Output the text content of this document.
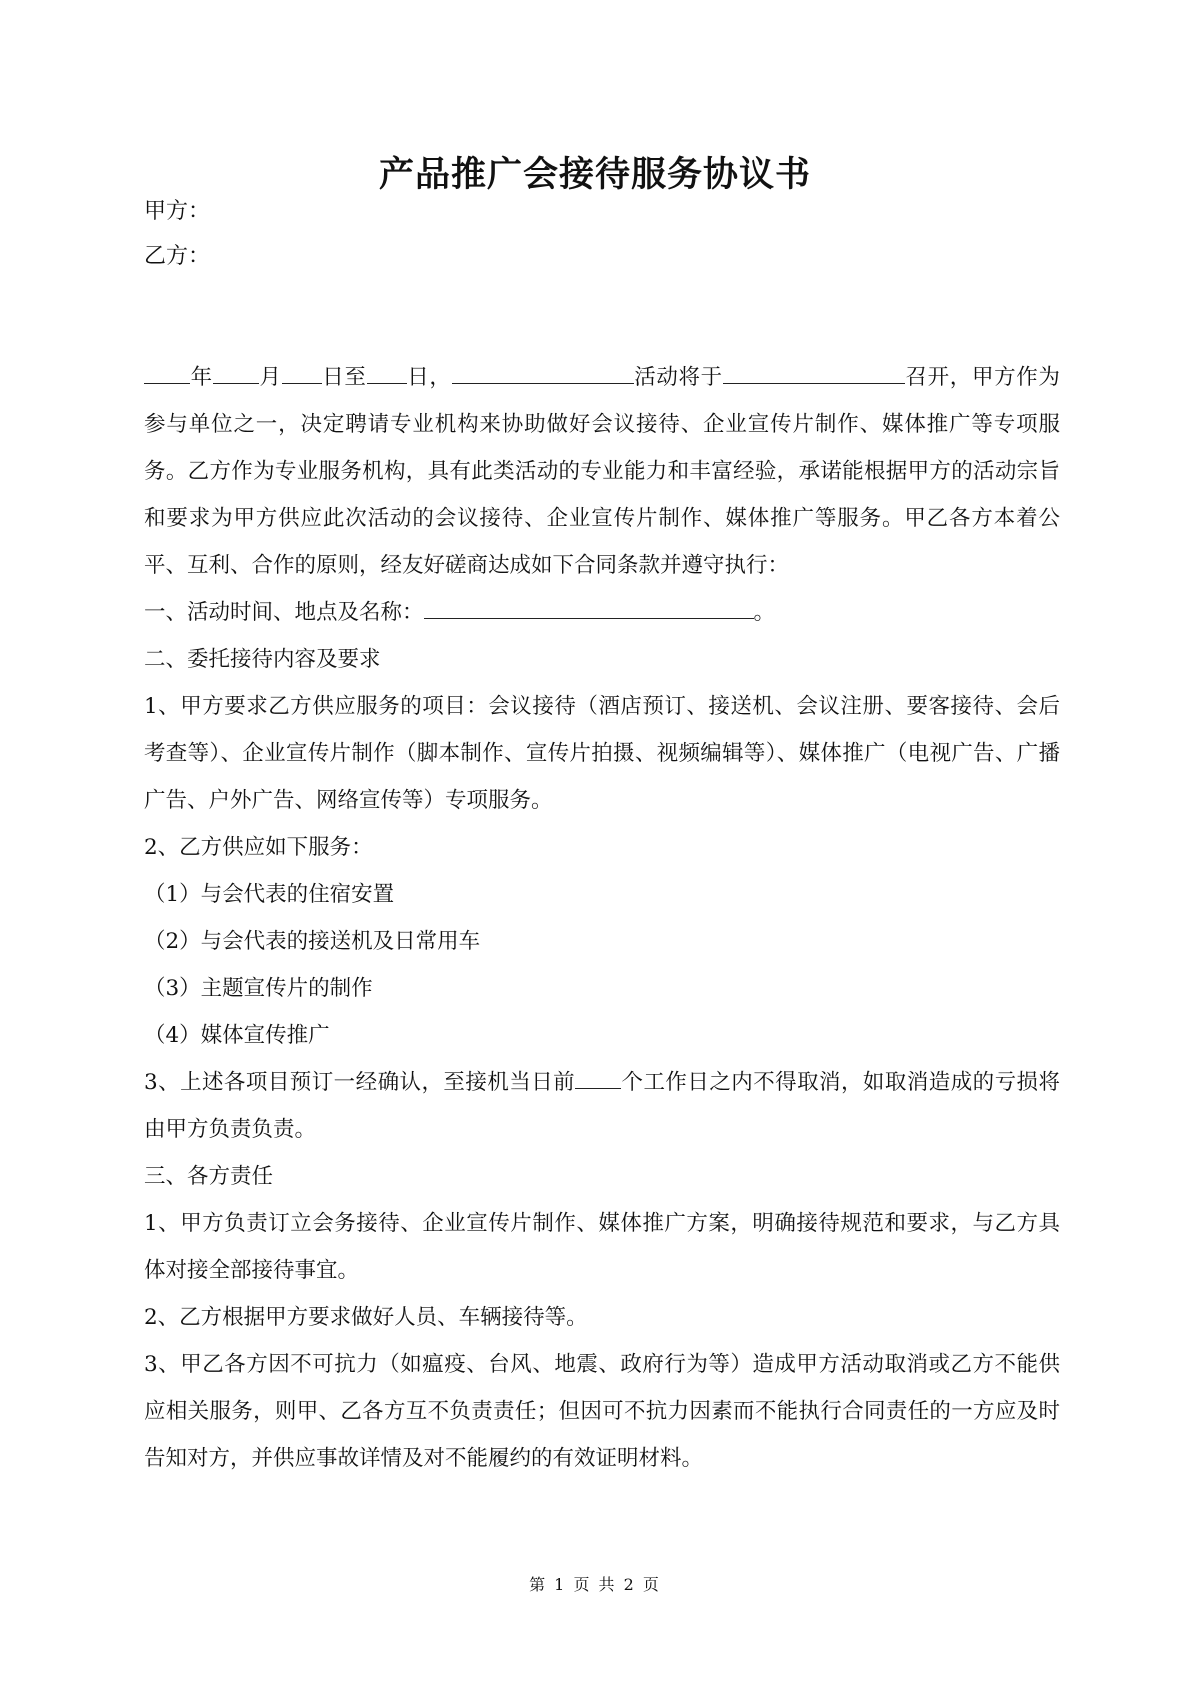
产品推广会接待服务协议书

甲方：

乙方：

年 月 日至 日，	活动将于	召开，甲方作为参与单位之一，决定聘请专业机构来协助做好会议接待、企业宣传片制作、媒体推广等专项服务。乙方作为专业服务机构，具有此类活动的专业能力和丰富经验，承诺能根据甲方的活动宗旨和要求为甲方供应此次活动的会议接待、企业宣传片制作、媒体推广等服务。甲乙各方本着公平、互利、合作的原则，经友好磋商达成如下合同条款并遵守执行：

一、活动时间、地点及名称：	。

二、委托接待内容及要求

1、甲方要求乙方供应服务的项目：会议接待（酒店预订、接送机、会议注册、要客接待、会后考查等）、企业宣传片制作（脚本制作、宣传片拍摄、视频编辑等）、媒体推广（电视广告、广播广告、户外广告、网络宣传等）专项服务。

2、乙方供应如下服务：

（1）与会代表的住宿安置

（2）与会代表的接送机及日常用车

（3）主题宣传片的制作

（4）媒体宣传推广

3、上述各项目预订一经确认，至接机当日前 个工作日之内不得取消，如取消造成的亏损将由甲方负责负责。

三、各方责任

1、甲方负责订立会务接待、企业宣传片制作、媒体推广方案，明确接待规范和要求，与乙方具体对接全部接待事宜。

2、乙方根据甲方要求做好人员、车辆接待等。

3、甲乙各方因不可抗力（如瘟疫、台风、地震、政府行为等）造成甲方活动取消或乙方不能供应相关服务，则甲、乙各方互不负责责任；但因可不抗力因素而不能执行合同责任的一方应及时告知对方，并供应事故详情及对不能履约的有效证明材料。

第 1 页 共 2 页
